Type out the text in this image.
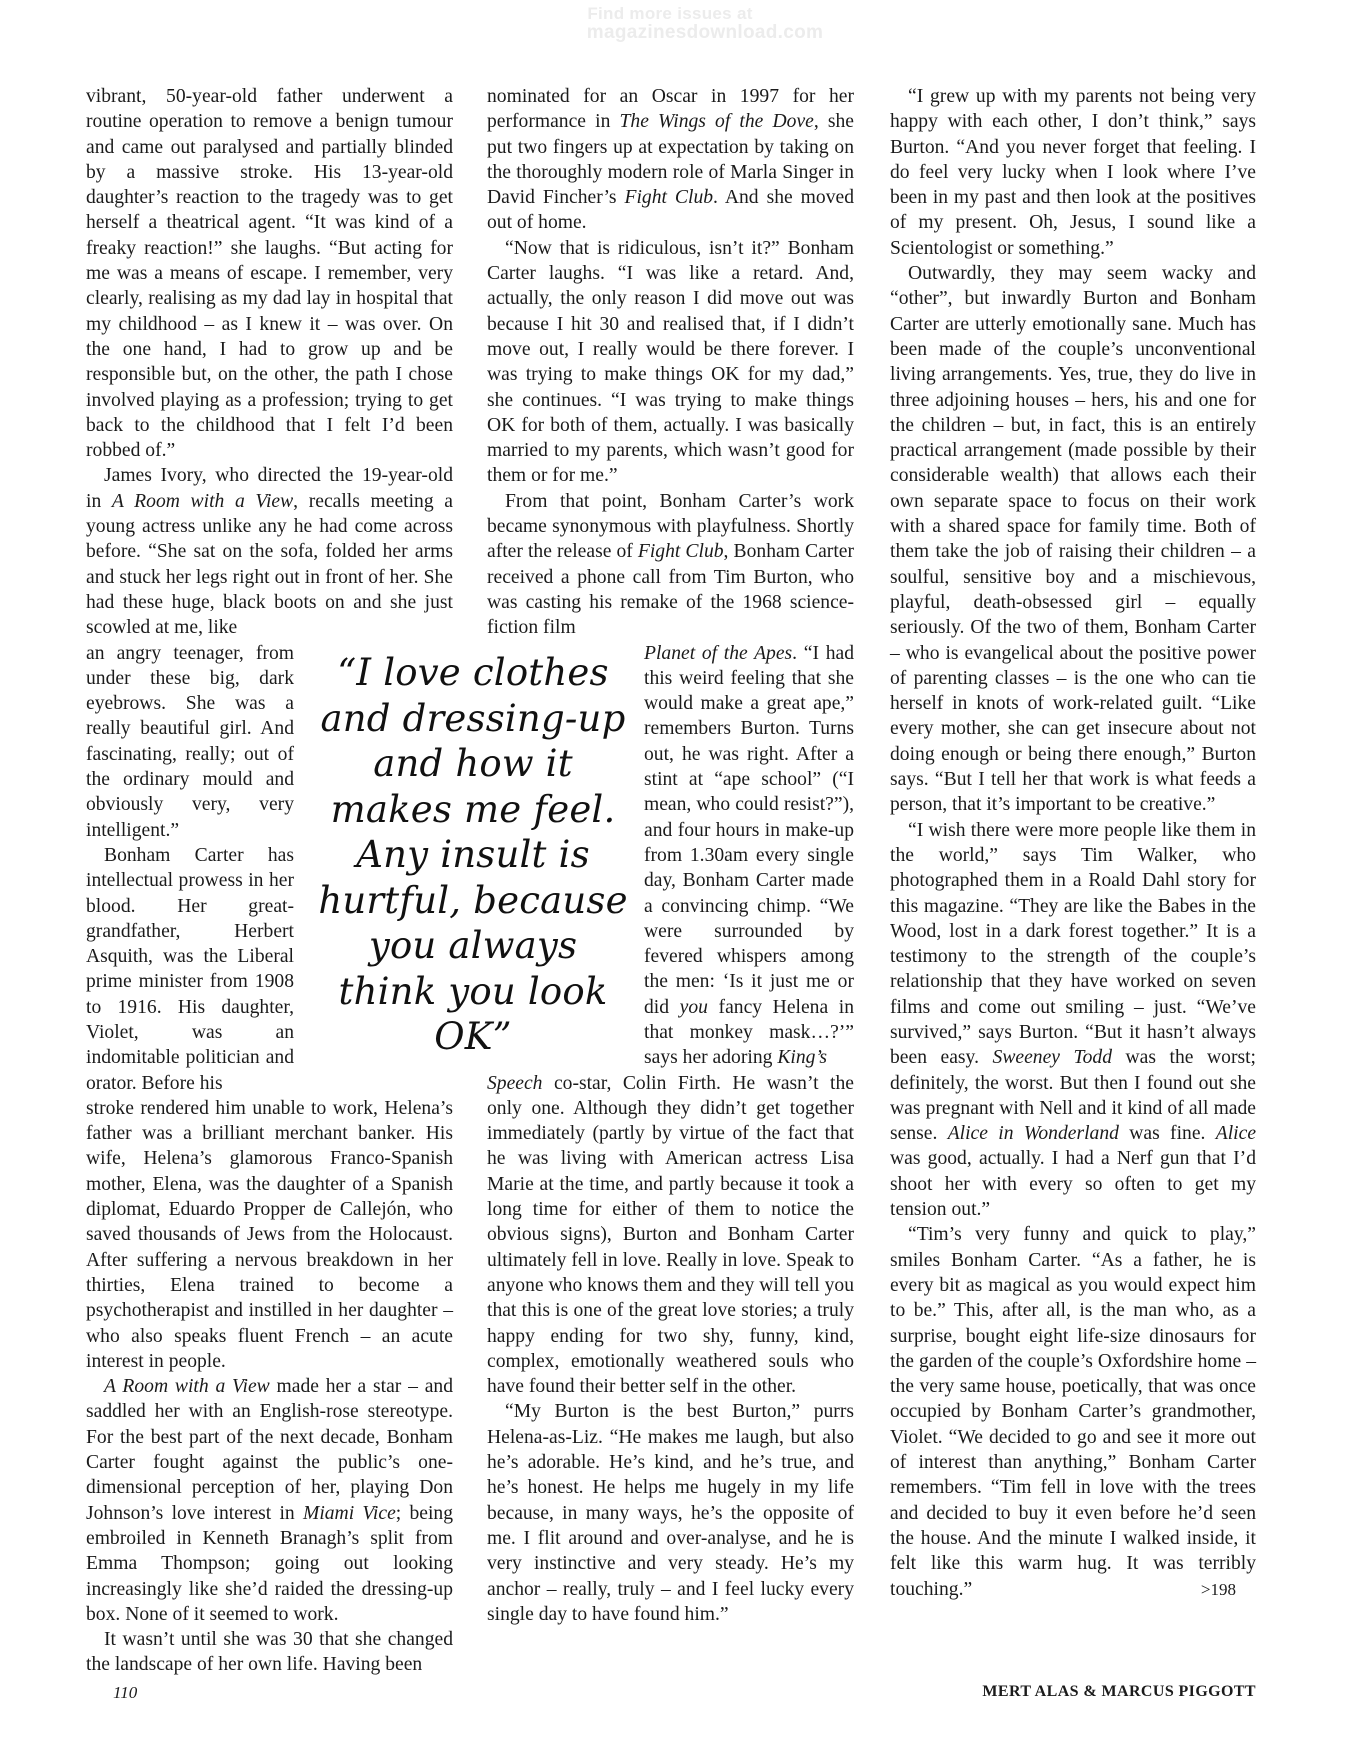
Find more issues at
magazinesdownload.com

vibrant, 50-year-old father underwent a routine operation to remove a benign tumour and came out paralysed and partially blinded by a massive stroke. His 13-year-old daughter’s reaction to the tragedy was to get herself a theatrical agent. “It was kind of a freaky reaction!” she laughs. “But acting for me was a means of escape. I remember, very clearly, realising as my dad lay in hospital that my childhood – as I knew it – was over. On the one hand, I had to grow up and be responsible but, on the other, the path I chose involved playing as a profession; trying to get back to the childhood that I felt I’d been robbed of.”

James Ivory, who directed the 19-year-old in A Room with a View, recalls meeting a young actress unlike any he had come across before. “She sat on the sofa, folded her arms and stuck her legs right out in front of her. She had these huge, black boots on and she just scowled at me, like

an angry teenager, from under these big, dark eyebrows. She was a really beautiful girl. And fascinating, really; out of the ordinary mould and obviously very, very intelligent.”

Bonham Carter has intellectual prowess in her blood. Her great-grandfather, Herbert Asquith, was the Liberal prime minister from 1908 to 1916. His daughter, Violet, was an indomitable politician and orator. Before his

stroke rendered him unable to work, Helena’s father was a brilliant merchant banker. His wife, Helena’s glamorous Franco-Spanish mother, Elena, was the daughter of a Spanish diplomat, Eduardo Propper de Callejón, who saved thousands of Jews from the Holocaust. After suffering a nervous breakdown in her thirties, Elena trained to become a psychotherapist and instilled in her daughter – who also speaks fluent French – an acute interest in people.

A Room with a View made her a star – and saddled her with an English-rose stereotype. For the best part of the next decade, Bonham Carter fought against the public’s one-dimensional perception of her, playing Don Johnson’s love interest in Miami Vice; being embroiled in Kenneth Branagh’s split from Emma Thompson; going out looking increasingly like she’d raided the dressing-up box. None of it seemed to work.

It wasn’t until she was 30 that she changed the landscape of her own life. Having been

nominated for an Oscar in 1997 for her performance in The Wings of the Dove, she put two fingers up at expectation by taking on the thoroughly modern role of Marla Singer in David Fincher’s Fight Club. And she moved out of home.

“Now that is ridiculous, isn’t it?” Bonham Carter laughs. “I was like a retard. And, actually, the only reason I did move out was because I hit 30 and realised that, if I didn’t move out, I really would be there forever. I was trying to make things OK for my dad,” she continues. “I was trying to make things OK for both of them, actually. I was basically married to my parents, which wasn’t good for them or for me.”

From that point, Bonham Carter’s work became synonymous with playfulness. Shortly after the release of Fight Club, Bonham Carter received a phone call from Tim Burton, who was casting his remake of the 1968 science-fiction film

Planet of the Apes. “I had this weird feeling that she would make a great ape,” remembers Burton. Turns out, he was right. After a stint at “ape school” (“I mean, who could resist?”), and four hours in make-up from 1.30am every single day, Bonham Carter made a convincing chimp. “We were surrounded by fevered whispers among the men: ‘Is it just me or did you fancy Helena in that monkey mask…?’” says her adoring King’s

Speech co-star, Colin Firth. He wasn’t the only one. Although they didn’t get together immediately (partly by virtue of the fact that he was living with American actress Lisa Marie at the time, and partly because it took a long time for either of them to notice the obvious signs), Burton and Bonham Carter ultimately fell in love. Really in love. Speak to anyone who knows them and they will tell you that this is one of the great love stories; a truly happy ending for two shy, funny, kind, complex, emotionally weathered souls who have found their better self in the other.

“My Burton is the best Burton,” purrs Helena-as-Liz. “He makes me laugh, but also he’s adorable. He’s kind, and he’s true, and he’s honest. He helps me hugely in my life because, in many ways, he’s the opposite of me. I flit around and over-analyse, and he is very instinctive and very steady. He’s my anchor – really, truly – and I feel lucky every single day to have found him.”

“I grew up with my parents not being very happy with each other, I don’t think,” says Burton. “And you never forget that feeling. I do feel very lucky when I look where I’ve been in my past and then look at the positives of my present. Oh, Jesus, I sound like a Scientologist or something.”

Outwardly, they may seem wacky and “other”, but inwardly Burton and Bonham Carter are utterly emotionally sane. Much has been made of the couple’s unconventional living arrangements. Yes, true, they do live in three adjoining houses – hers, his and one for the children – but, in fact, this is an entirely practical arrangement (made possible by their considerable wealth) that allows each their own separate space to focus on their work with a shared space for family time. Both of them take the job of raising their children – a soulful, sensitive boy and a mischievous, playful, death-obsessed girl – equally seriously. Of the two of them, Bonham Carter – who is evangelical about the positive power of parenting classes – is the one who can tie herself in knots of work-related guilt. “Like every mother, she can get insecure about not doing enough or being there enough,” Burton says. “But I tell her that work is what feeds a person, that it’s important to be creative.”

“I wish there were more people like them in the world,” says Tim Walker, who photographed them in a Roald Dahl story for this magazine. “They are like the Babes in the Wood, lost in a dark forest together.” It is a testimony to the strength of the couple’s relationship that they have worked on seven films and come out smiling – just. “We’ve survived,” says Burton. “But it hasn’t always been easy. Sweeney Todd was the worst; definitely, the worst. But then I found out she was pregnant with Nell and it kind of all made sense. Alice in Wonderland was fine. Alice was good, actually. I had a Nerf gun that I’d shoot her with every so often to get my tension out.”

“Tim’s very funny and quick to play,” smiles Bonham Carter. “As a father, he is every bit as magical as you would expect him to be.” This, after all, is the man who, as a surprise, bought eight life-size dinosaurs for the garden of the couple’s Oxfordshire home – the very same house, poetically, that was once occupied by Bonham Carter’s grandmother, Violet. “We decided to go and see it more out of interest than anything,” Bonham Carter remembers. “Tim fell in love with the trees and decided to buy it even before he’d seen the house. And the minute I walked inside, it felt like this warm hug. It was terribly touching.”	>198

“I love clothes and dressing-up and how it makes me feel. Any insult is hurtful, because you always think you look OK”
110	MERT ALAS & MARCUS PIGGOTT
